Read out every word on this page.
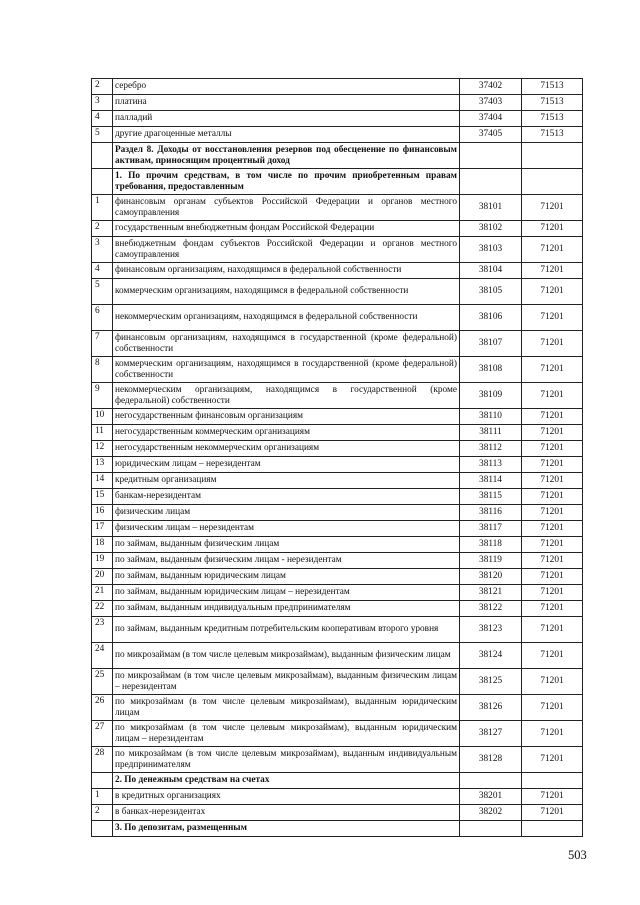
2	серебро	37402	71513
3	платина	37403	71513
4	палладий	37404	71513
5	другие драгоценные металлы	37405	71513
	Раздел 8. Доходы от восстановления резервов под обесценение по финансовым активам, приносящим процентный доход		
	1. По прочим средствам, в том числе по прочим приобретенным правам требования, предоставленным		
1	финансовым органам субъектов Российской Федерации и органов местного самоуправления	38101	71201
2	государственным внебюджетным фондам Российской Федерации	38102	71201
3	внебюджетным фондам субъектов Российской Федерации и органов местного самоуправления	38103	71201
4	финансовым организациям, находящимся в федеральной собственности	38104	71201
5	коммерческим организациям, находящимся в федеральной собственности	38105	71201
6	некоммерческим организациям, находящимся в федеральной собственности	38106	71201
7	финансовым организациям, находящимся в государственной (кроме федеральной) собственности	38107	71201
8	коммерческим организациям, находящимся в государственной (кроме федеральной) собственности	38108	71201
9	некоммерческим организациям, находящимся в государственной (кроме федеральной) собственности	38109	71201
10	негосударственным финансовым организациям	38110	71201
11	негосударственным коммерческим организациям	38111	71201
12	негосударственным некоммерческим организациям	38112	71201
13	юридическим лицам – нерезидентам	38113	71201
14	кредитным организациям	38114	71201
15	банкам-нерезидентам	38115	71201
16	физическим лицам	38116	71201
17	физическим лицам – нерезидентам	38117	71201
18	по займам, выданным физическим лицам	38118	71201
19	по займам, выданным физическим лицам - нерезидентам	38119	71201
20	по займам, выданным юридическим лицам	38120	71201
21	по займам, выданным юридическим лицам – нерезидентам	38121	71201
22	по займам, выданным индивидуальным предпринимателям	38122	71201
23	по займам, выданным кредитным потребительским кооперативам второго уровня	38123	71201
24	по микрозаймам (в том числе целевым микрозаймам), выданным физическим лицам	38124	71201
25	по микрозаймам (в том числе целевым микрозаймам), выданным физическим лицам – нерезидентам	38125	71201
26	по микрозаймам (в том числе целевым микрозаймам), выданным юридическим лицам	38126	71201
27	по микрозаймам (в том числе целевым микрозаймам), выданным юридическим лицам – нерезидентам	38127	71201
28	по микрозаймам (в том числе целевым микрозаймам), выданным индивидуальным предпринимателям	38128	71201
	2. По денежным средствам на счетах		
1	в кредитных организациях	38201	71201
2	в банках-нерезидентах	38202	71201
	3. По депозитам, размещенным		
503
